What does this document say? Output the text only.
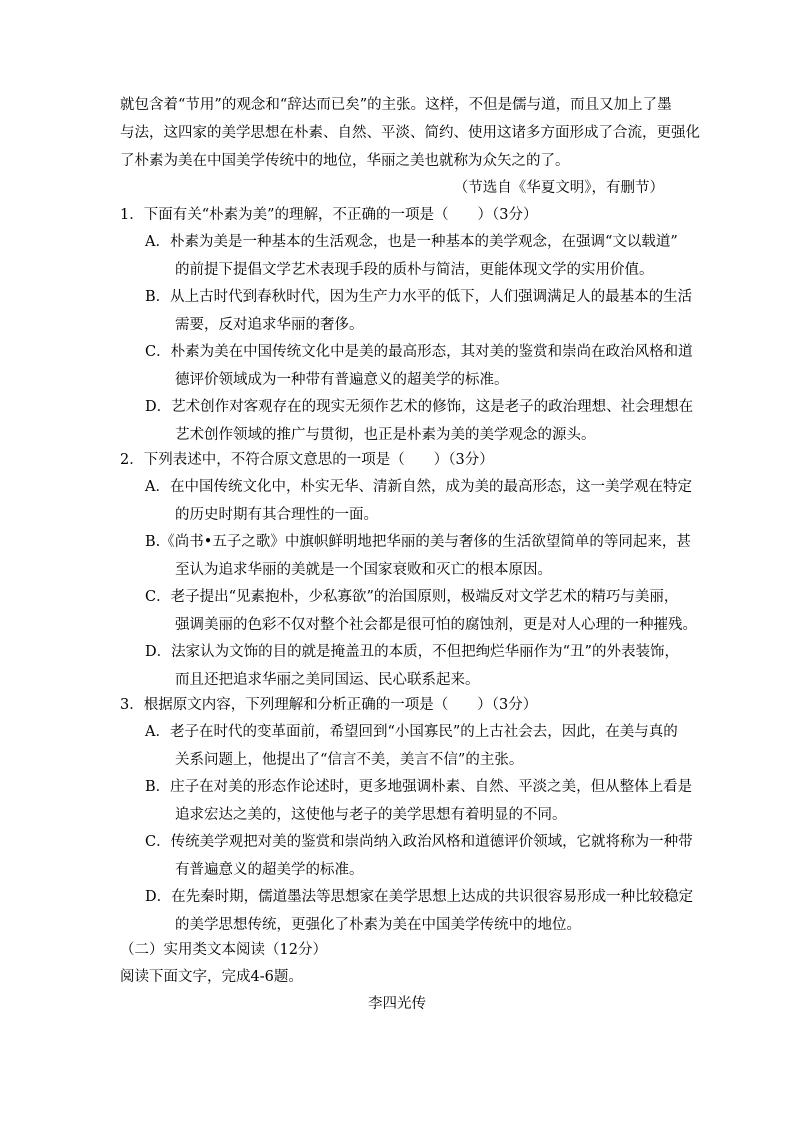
就包含着“节用”的观念和“辞达而已矣”的主张。这样，不但是儒与道，而且又加上了墨
与法，这四家的美学思想在朴素、自然、平淡、简约、使用这诸多方面形成了合流，更强化
了朴素为美在中国美学传统中的地位，华丽之美也就称为众矢之的了。
（节选自《华夏文明》，有删节）
1．下面有关“朴素为美”的理解，不正确的一项是（　　）（3分）
A．朴素为美是一种基本的生活观念，也是一种基本的美学观念，在强调“文以载道”
的前提下提倡文学艺术表现手段的质朴与简洁，更能体现文学的实用价值。
B．从上古时代到春秋时代，因为生产力水平的低下，人们强调满足人的最基本的生活
需要，反对追求华丽的奢侈。
C．朴素为美在中国传统文化中是美的最高形态，其对美的鉴赏和崇尚在政治风格和道
德评价领域成为一种带有普遍意义的超美学的标准。
D．艺术创作对客观存在的现实无须作艺术的修饰，这是老子的政治理想、社会理想在
艺术创作领域的推广与贯彻，也正是朴素为美的美学观念的源头。
2．下列表述中，不符合原文意思的一项是（　　）（3分）
A．在中国传统文化中，朴实无华、清新自然，成为美的最高形态，这一美学观在特定
的历史时期有其合理性的一面。
B.《尚书•五子之歌》中旗帜鲜明地把华丽的美与奢侈的生活欲望简单的等同起来，甚
至认为追求华丽的美就是一个国家衰败和灭亡的根本原因。
C．老子提出“见素抱朴，少私寡欲”的治国原则，极端反对文学艺术的精巧与美丽，
强调美丽的色彩不仅对整个社会都是很可怕的腐蚀剂，更是对人心理的一种摧残。
D．法家认为文饰的目的就是掩盖丑的本质，不但把绚烂华丽作为“丑”的外表装饰，
而且还把追求华丽之美同国运、民心联系起来。
3．根据原文内容，下列理解和分析正确的一项是（　　）（3分）
A．老子在时代的变革面前，希望回到“小国寡民”的上古社会去，因此，在美与真的
关系问题上，他提出了“信言不美，美言不信”的主张。
B．庄子在对美的形态作论述时，更多地强调朴素、自然、平淡之美，但从整体上看是
追求宏达之美的，这使他与老子的美学思想有着明显的不同。
C．传统美学观把对美的鉴赏和崇尚纳入政治风格和道德评价领域，它就将称为一种带
有普遍意义的超美学的标准。
D．在先秦时期，儒道墨法等思想家在美学思想上达成的共识很容易形成一种比较稳定
的美学思想传统，更强化了朴素为美在中国美学传统中的地位。
（二）实用类文本阅读（12分）
阅读下面文字，完成4-6题。
李四光传
